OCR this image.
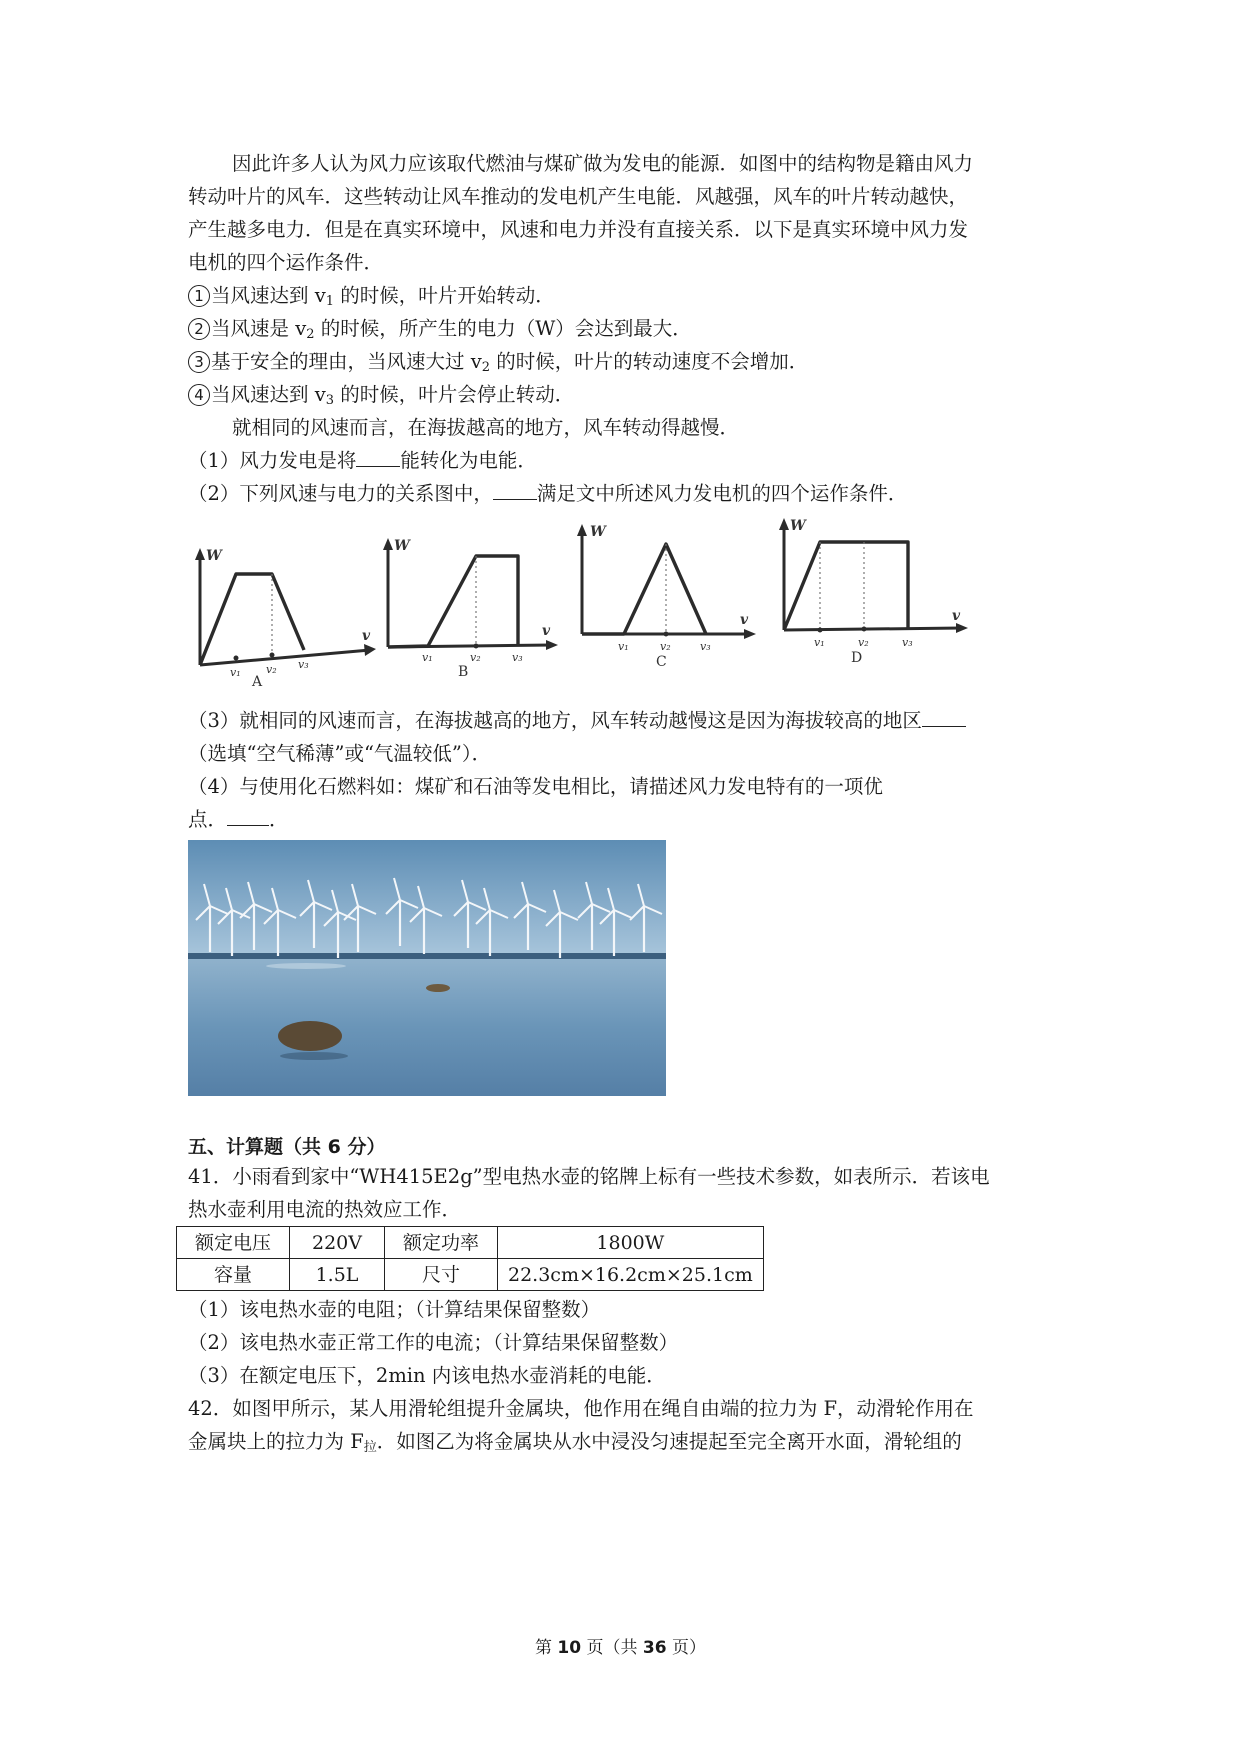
因此许多人认为风力应该取代燃油与煤矿做为发电的能源．如图中的结构物是籍由风力
转动叶片的风车．这些转动让风车推动的发电机产生电能．风越强，风车的叶片转动越快，
产生越多电力．但是在真实环境中，风速和电力并没有直接关系．以下是真实环境中风力发
电机的四个运作条件．
1 当风速达到 $v_1$ 的时候，叶片开始转动．
2 当风速是 $v_2$ 的时候，所产生的电力（W）会达到最大．
3 基于安全的理由，当风速大过 $v_2$ 的时候，叶片的转动速度不会增加．
4 当风速达到 $v_3$ 的时候，叶片会停止转动．
就相同的风速而言，在海拔越高的地方，风车转动得越慢．
（1）风力发电是将 能转化为电能．
（2）下列风速与电力的关系图中， 满足文中所述风力发电机的四个运作条件．
W
v
v₁ v₂ v₃
A
W
v
v₁	v₂	v₃
B
W
v
v₁	v₂	v₃
C
W
v
v₁	v₂	v₃
D
（3）就相同的风速而言，在海拔越高的地方，风车转动越慢这是因为海拔较高的地区
（选填“空气稀薄”或“气温较低”）．
（4）与使用化石燃料如：煤矿和石油等发电相比，请描述风力发电特有的一项优
点． ．
五、计算题（共 6 分）
41．小雨看到家中“WH415E2g”型电热水壶的铭牌上标有一些技术参数，如表所示．若该电
热水壶利用电流的热效应工作．
额定电压	220V	额定功率	1800W
容量	1.5L	尺寸	22.3cm×16.2cm×25.1cm
（1）该电热水壶的电阻；（计算结果保留整数）
（2）该电热水壶正常工作的电流；（计算结果保留整数）
（3）在额定电压下，2min 内该电热水壶消耗的电能．
42．如图甲所示，某人用滑轮组提升金属块，他作用在绳自由端的拉力为 F，动滑轮作用在
金属块上的拉力为 $F_拉$．如图乙为将金属块从水中浸没匀速提起至完全离开水面，滑轮组的
第 10 页（共 36 页）
